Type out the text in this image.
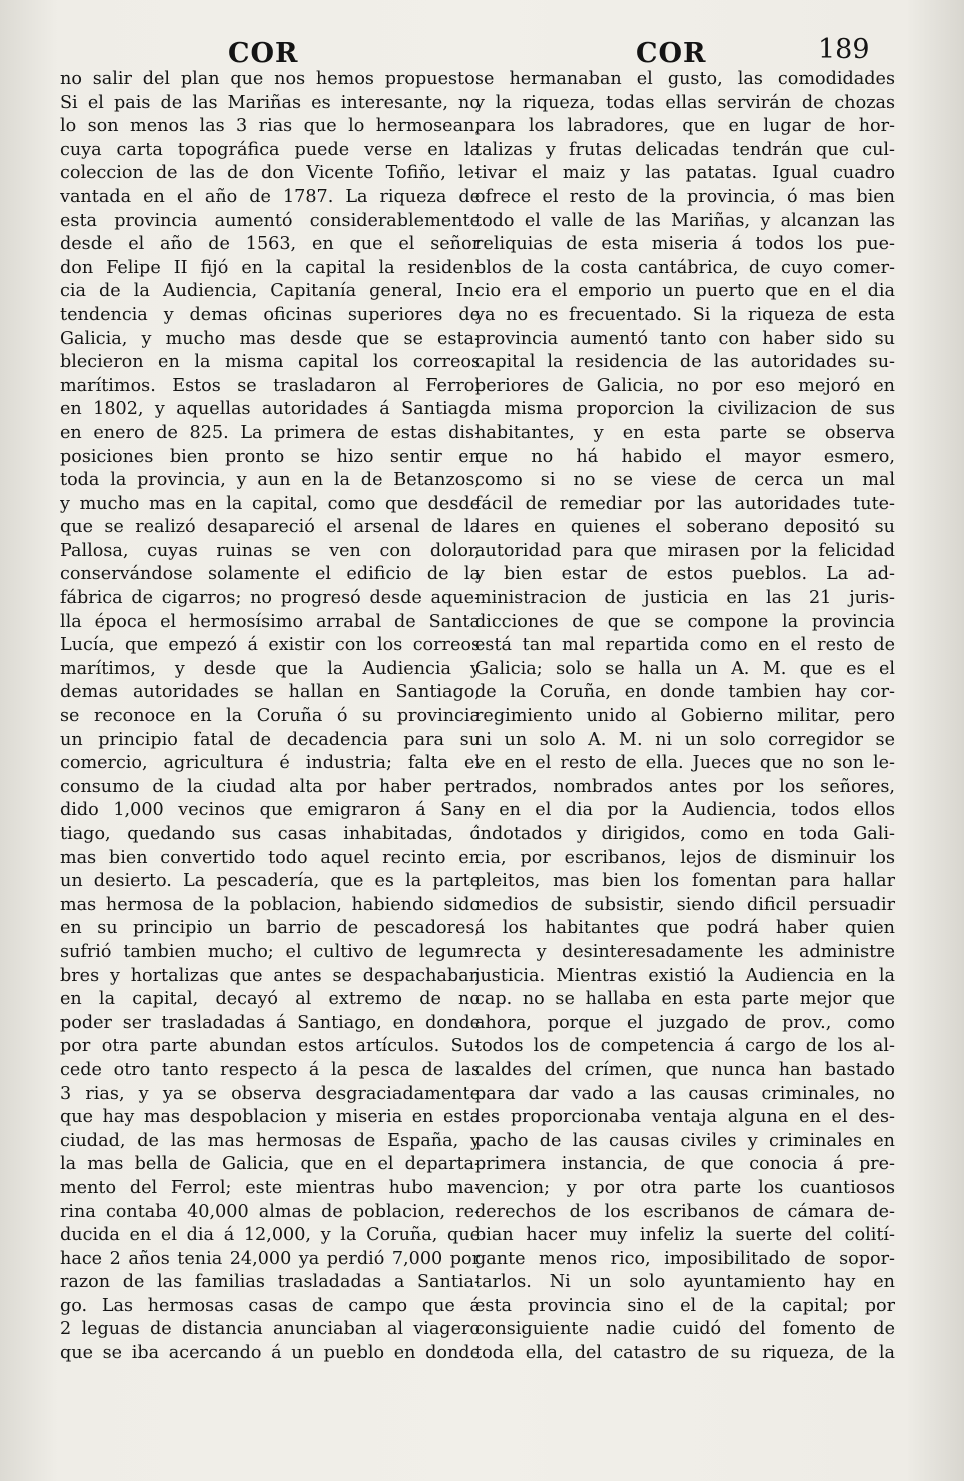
COR	COR	189
no salir del plan que nos hemos propuesto.
Si el pais de las Mariñas es interesante, no
lo son menos las 3 rias que lo hermosean,
cuya carta topográfica puede verse en la
coleccion de las de don Vicente Tofiño, le-
vantada en el año de 1787. La riqueza de
esta provincia aumentó considerablemente
desde el año de 1563, en que el señor
don Felipe II fijó en la capital la residen-
cia de la Audiencia, Capitanía general, In-
tendencia y demas oficinas superiores de
Galicia, y mucho mas desde que se esta-
blecieron en la misma capital los correos
marítimos. Estos se trasladaron al Ferrol
en 1802, y aquellas autoridades á Santiago
en enero de 825. La primera de estas dis-
posiciones bien pronto se hizo sentir en
toda la provincia, y aun en la de Betanzos,
y mucho mas en la capital, como que desde
que se realizó desapareció el arsenal de la
Pallosa, cuyas ruinas se ven con dolor,
conservándose solamente el edificio de la
fábrica de cigarros; no progresó desde aque-
lla época el hermosísimo arrabal de Santa
Lucía, que empezó á existir con los correos
marítimos, y desde que la Audiencia y
demas autoridades se hallan en Santiago,
se reconoce en la Coruña ó su provincia
un principio fatal de decadencia para su
comercio, agricultura é industria; falta el
consumo de la ciudad alta por haber per-
dido 1,000 vecinos que emigraron á San-
tiago, quedando sus casas inhabitadas, ó
mas bien convertido todo aquel recinto en
un desierto. La pescadería, que es la parte
mas hermosa de la poblacion, habiendo sido
en su principio un barrio de pescadores,
sufrió tambien mucho; el cultivo de legum-
bres y hortalizas que antes se despachaban
en la capital, decayó al extremo de no
poder ser trasladadas á Santiago, en donde
por otra parte abundan estos artículos. Su-
cede otro tanto respecto á la pesca de las
3 rias, y ya se observa desgraciadamente
que hay mas despoblacion y miseria en esta
ciudad, de las mas hermosas de España, y
la mas bella de Galicia, que en el departa-
mento del Ferrol; este mientras hubo ma-
rina contaba 40,000 almas de poblacion, re-
ducida en el dia á 12,000, y la Coruña, que
hace 2 años tenia 24,000 ya perdió 7,000 por
razon de las familias trasladadas a Santia-
go. Las hermosas casas de campo que á
2 leguas de distancia anunciaban al viagero
que se iba acercando á un pueblo en donde
se hermanaban el gusto, las comodidades
y la riqueza, todas ellas servirán de chozas
para los labradores, que en lugar de hor-
talizas y frutas delicadas tendrán que cul-
tivar el maiz y las patatas. Igual cuadro
ofrece el resto de la provincia, ó mas bien
todo el valle de las Mariñas, y alcanzan las
reliquias de esta miseria á todos los pue-
blos de la costa cantábrica, de cuyo comer-
cio era el emporio un puerto que en el dia
ya no es frecuentado. Si la riqueza de esta
provincia aumentó tanto con haber sido su
capital la residencia de las autoridades su-
periores de Galicia, no por eso mejoró en
la misma proporcion la civilizacion de sus
habitantes, y en esta parte se observa
que no há habido el mayor esmero,
como si no se viese de cerca un mal
fácil de remediar por las autoridades tute-
lares en quienes el soberano depositó su
autoridad para que mirasen por la felicidad
y bien estar de estos pueblos. La ad-
ministracion de justicia en las 21 juris-
dicciones de que se compone la provincia
está tan mal repartida como en el resto de
Galicia; solo se halla un A. M. que es el
de la Coruña, en donde tambien hay cor-
regimiento unido al Gobierno militar, pero
ni un solo A. M. ni un solo corregidor se
ve en el resto de ella. Jueces que no son le-
trados, nombrados antes por los señores,
y en el dia por la Audiencia, todos ellos
indotados y dirigidos, como en toda Gali-
cia, por escribanos, lejos de disminuir los
pleitos, mas bien los fomentan para hallar
medios de subsistir, siendo dificil persuadir
á los habitantes que podrá haber quien
recta y desinteresadamente les administre
justicia. Mientras existió la Audiencia en la
cap. no se hallaba en esta parte mejor que
ahora, porque el juzgado de prov., como
todos los de competencia á cargo de los al-
caldes del crímen, que nunca han bastado
para dar vado a las causas criminales, no
les proporcionaba ventaja alguna en el des-
pacho de las causas civiles y criminales en
primera instancia, de que conocia á pre-
vencion; y por otra parte los cuantiosos
derechos de los escribanos de cámara de-
bian hacer muy infeliz la suerte del colití-
gante menos rico, imposibilitado de sopor-
tarlos. Ni un solo ayuntamiento hay en
esta provincia sino el de la capital; por
consiguiente nadie cuidó del fomento de
toda ella, del catastro de su riqueza, de la
